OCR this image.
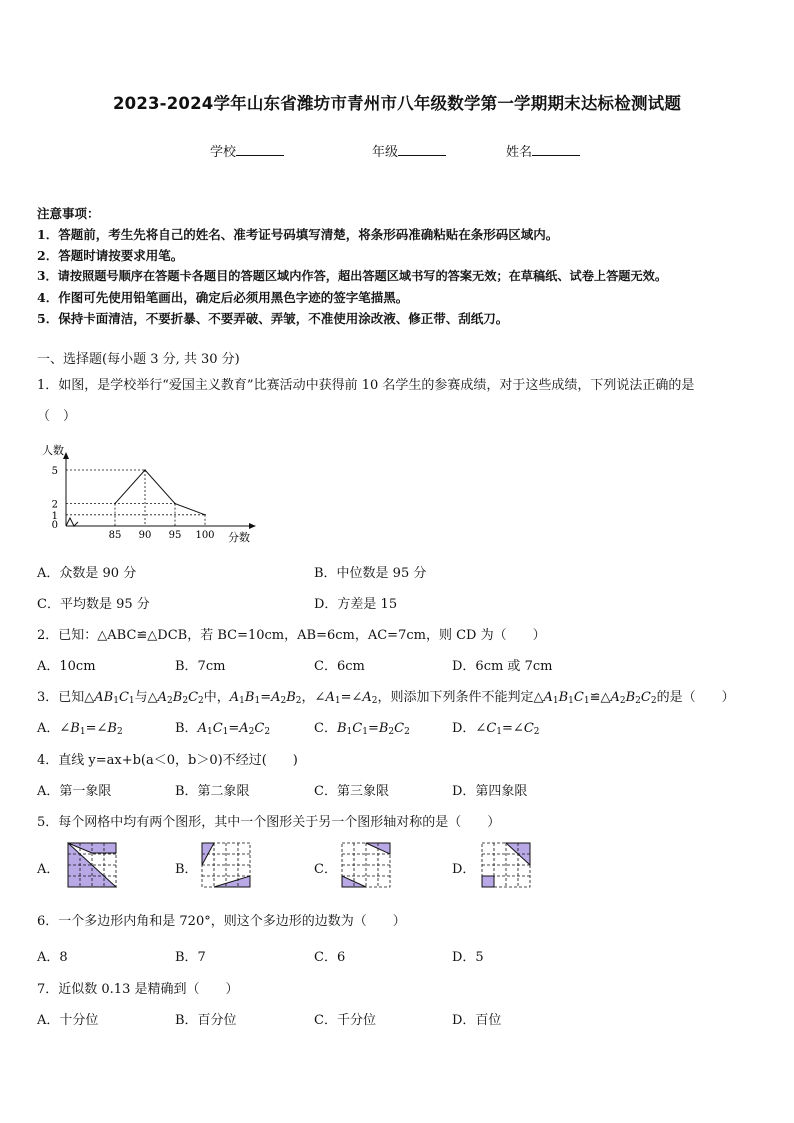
2023-2024学年山东省潍坊市青州市八年级数学第一学期期末达标检测试题
学校	年级	姓名
注意事项：
1．答题前，考生先将自己的姓名、准考证号码填写清楚，将条形码准确粘贴在条形码区域内。
2．答题时请按要求用笔。
3．请按照题号顺序在答题卡各题目的答题区域内作答，超出答题区域书写的答案无效；在草稿纸、试卷上答题无效。
4．作图可先使用铅笔画出，确定后必须用黑色字迹的签字笔描黑。
5．保持卡面清洁，不要折暴、不要弄破、弄皱，不准使用涂改液、修正带、刮纸刀。
一、选择题(每小题 3 分, 共 30 分)
1．如图，是学校举行“爱国主义教育”比赛活动中获得前 10 名学生的参赛成绩，对于这些成绩，下列说法正确的是
（　）
人数
分数
85 90 95 100
0
1
2
5
A．众数是 90 分	B．中位数是 95 分
C．平均数是 95 分	D．方差是 15
2．已知：△ABC≌△DCB，若 BC=10cm，AB=6cm，AC=7cm，则 CD 为（　　）
A．10cm	B．7cm	C．6cm	D．6cm 或 7cm
3．已知$\triangle AB_1C_1$与$\triangle A_2B_2C_2$中，$A_1B_1=A_2B_2$，$\angle A_1=\angle A_2$，则添加下列条件不能判定$\triangle A_1B_1C_1≌\triangle A_2B_2C_2$的是（　　）
A．$\angle B_1=\angle B_2$	B．$A_1C_1=A_2C_2$	C．$B_1C_1=B_2C_2$	D．$\angle C_1=\angle C_2$
4．直线 y=ax+b(a＜0，b＞0)不经过(　　)
A．第一象限	B．第二象限	C．第三象限	D．第四象限
5．每个网格中均有两个图形，其中一个图形关于另一个图形轴对称的是（　　）
A．	B．	C．	D．
6．一个多边形内角和是 720°，则这个多边形的边数为（　　）
A．8	B．7	C．6	D．5
7．近似数 0.13 是精确到（　　）
A．十分位	B．百分位	C．千分位	D．百位
